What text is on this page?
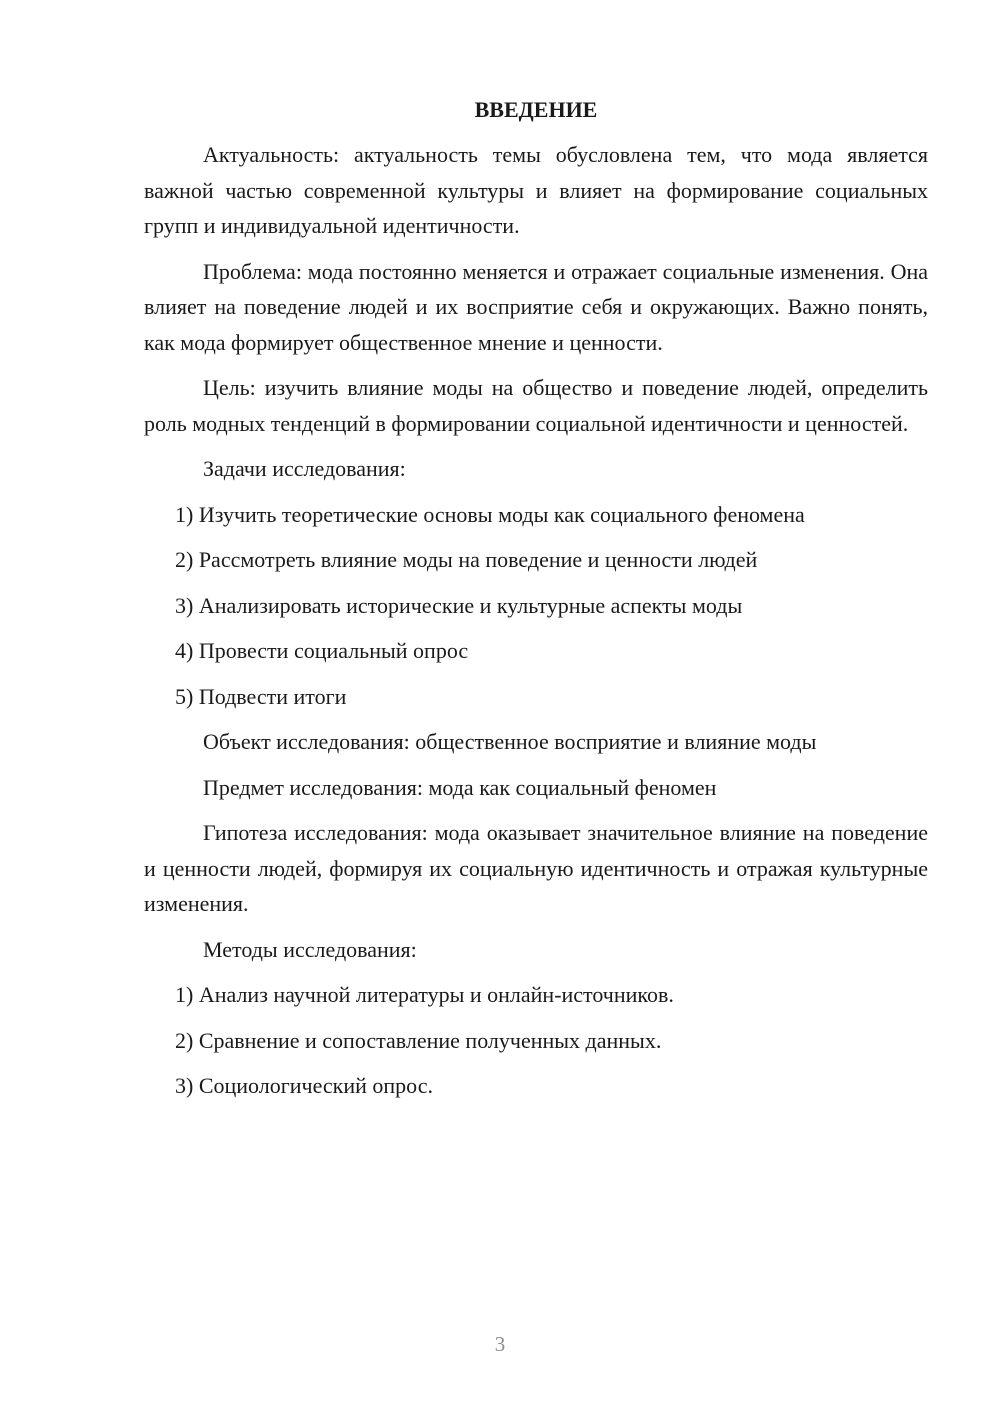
ВВЕДЕНИЕ
Актуальность: актуальность темы обусловлена тем, что мода является важной частью современной культуры и влияет на формирование социальных групп и индивидуальной идентичности.
Проблема: мода постоянно меняется и отражает социальные изменения. Она влияет на поведение людей и их восприятие себя и окружающих. Важно понять, как мода формирует общественное мнение и ценности.
Цель: изучить влияние моды на общество и поведение людей, определить роль модных тенденций в формировании социальной идентичности и ценностей.
Задачи исследования:
1) Изучить теоретические основы моды как социального феномена
2) Рассмотреть влияние моды на поведение и ценности людей
3) Анализировать исторические и культурные аспекты моды
4) Провести социальный опрос
5) Подвести итоги
Объект исследования: общественное восприятие и влияние моды
Предмет исследования: мода как социальный феномен
Гипотеза исследования: мода оказывает значительное влияние на поведение и ценности людей, формируя их социальную идентичность и отражая культурные изменения.
Методы исследования:
1) Анализ научной литературы и онлайн-источников.
2) Сравнение и сопоставление полученных данных.
3) Социологический опрос.
3
